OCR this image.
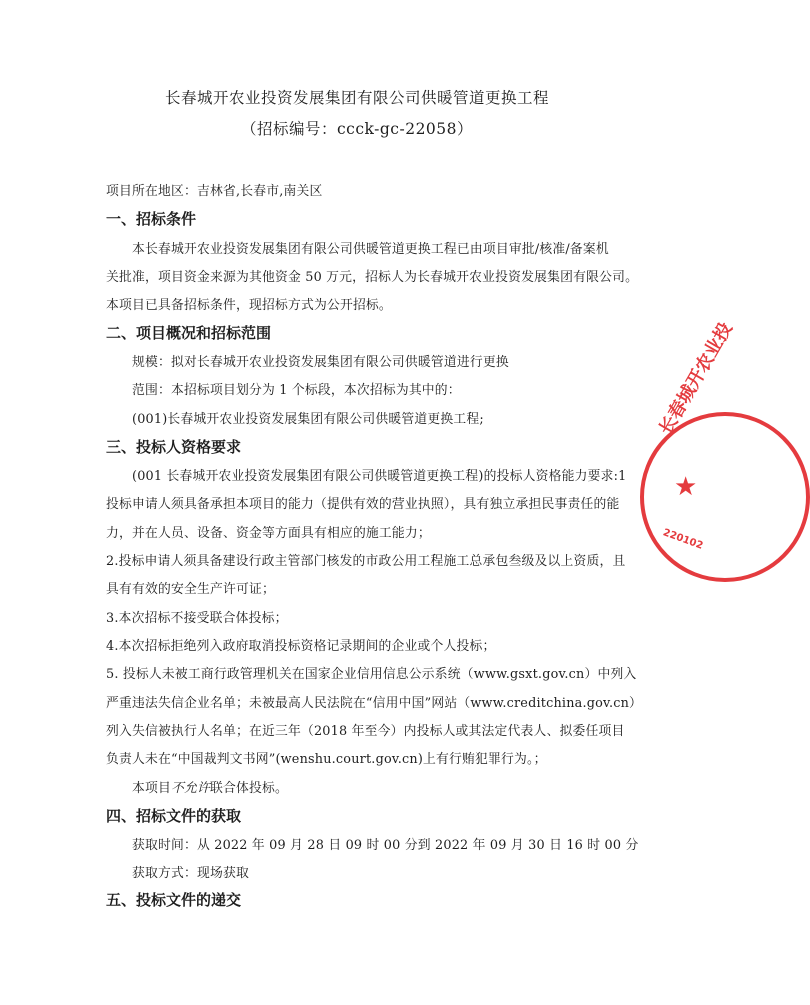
长春城开农业投资发展集团有限公司供暖管道更换工程
（招标编号：ccck-gc-22058）
项目所在地区：吉林省,长春市,南关区
一、招标条件
本长春城开农业投资发展集团有限公司供暖管道更换工程已由项目审批/核准/备案机
关批准，项目资金来源为其他资金 50 万元，招标人为长春城开农业投资发展集团有限公司。
本项目已具备招标条件，现招标方式为公开招标。
二、项目概况和招标范围
规模：拟对长春城开农业投资发展集团有限公司供暖管道进行更换
范围：本招标项目划分为 1 个标段，本次招标为其中的：
(001)长春城开农业投资发展集团有限公司供暖管道更换工程;
三、投标人资格要求
(001 长春城开农业投资发展集团有限公司供暖管道更换工程)的投标人资格能力要求:1
投标申请人须具备承担本项目的能力（提供有效的营业执照），具有独立承担民事责任的能
力，并在人员、设备、资金等方面具有相应的施工能力；
2.投标申请人须具备建设行政主管部门核发的市政公用工程施工总承包叁级及以上资质，且
具有有效的安全生产许可证；
3.本次招标不接受联合体投标；
4.本次招标拒绝列入政府取消投标资格记录期间的企业或个人投标；
5. 投标人未被工商行政管理机关在国家企业信用信息公示系统（www.gsxt.gov.cn）中列入
严重违法失信企业名单；未被最高人民法院在“信用中国”网站（www.creditchina.gov.cn）
列入失信被执行人名单；在近三年（2018 年至今）内投标人或其法定代表人、拟委任项目
负责人未在“中国裁判文书网”(wenshu.court.gov.cn)上有行贿犯罪行为。；
本项目不允许联合体投标。
四、招标文件的获取
获取时间：从 2022 年 09 月 28 日 09 时 00 分到 2022 年 09 月 30 日 16 时 00 分
获取方式：现场获取
五、投标文件的递交
长春城开农业投
★
220102
